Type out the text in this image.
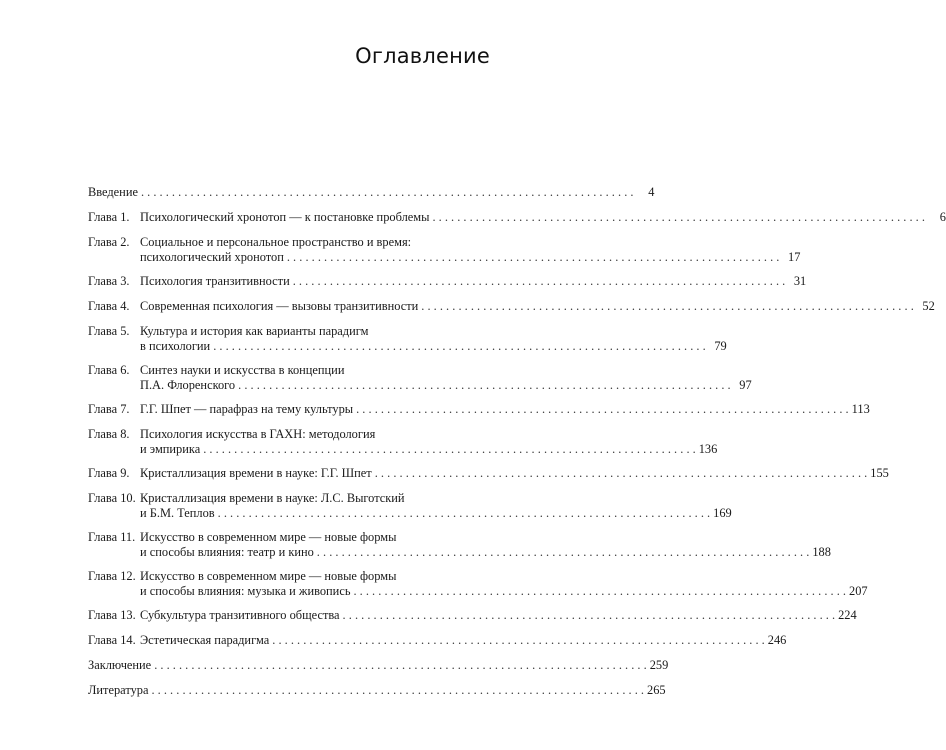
Оглавление
Введение . . .	4
Глава 1. Психологический хронотоп — к постановке проблемы . . .	6
Глава 2. Социальное и персональное пространство и время:
психологический хронотоп . . .	17
Глава 3. Психология транзитивности . . .	31
Глава 4. Современная психология — вызовы транзитивности . . .	52
Глава 5. Культура и история как варианты парадигм
в психологии . . .	79
Глава 6. Синтез науки и искусства в концепции
П.А. Флоренского . . .	97
Глава 7. Г.Г. Шпет — парафраз на тему культуры . . .	113
Глава 8. Психология искусства в ГАХН: методология
и эмпирика . . .	136
Глава 9. Кристаллизация времени в науке: Г.Г. Шпет . . .	155
Глава 10. Кристаллизация времени в науке: Л.С. Выготский
и Б.М. Теплов . . .	169
Глава 11. Искусство в современном мире — новые формы
и способы влияния: театр и кино . . .	188
Глава 12. Искусство в современном мире — новые формы
и способы влияния: музыка и живопись . . .	207
Глава 13. Субкультура транзитивного общества . . .	224
Глава 14. Эстетическая парадигма . . .	246
Заключение . . .	259
Литература . . .	265
